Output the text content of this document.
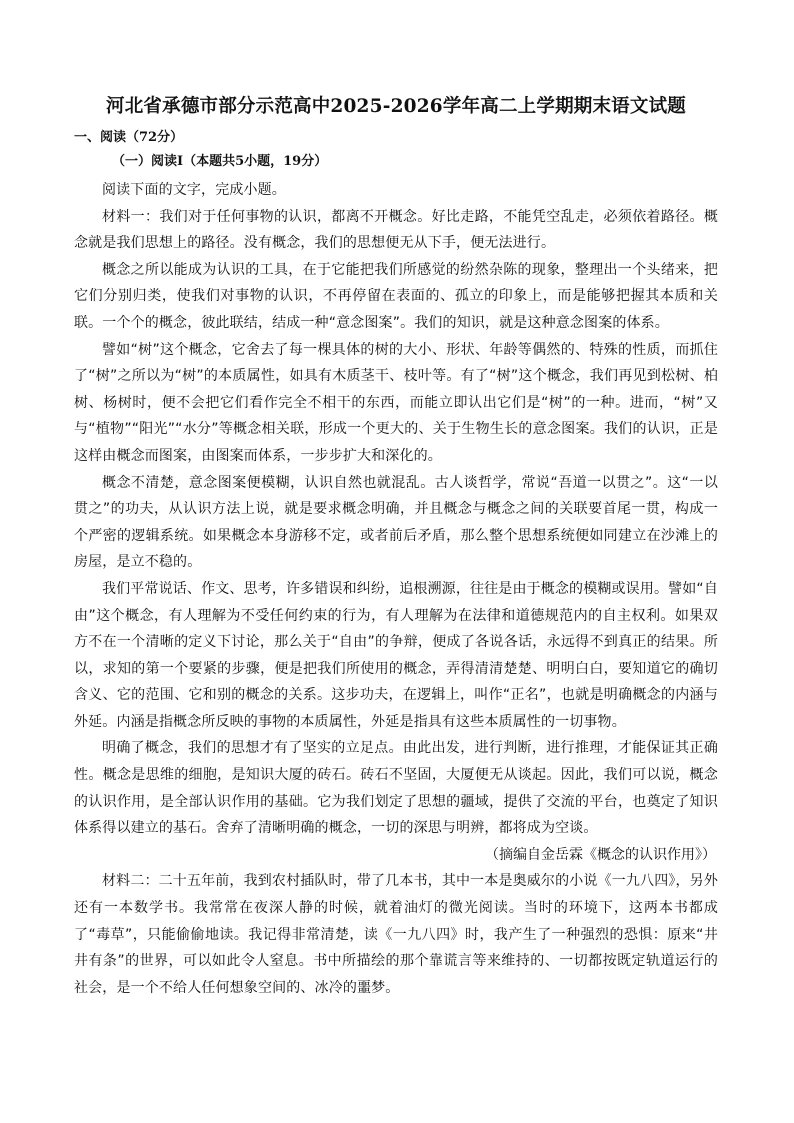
河北省承德市部分示范高中2025-2026学年高二上学期期末语文试题

一、阅读（72分）

（一）阅读Ⅰ（本题共5小题，19分）

阅读下面的文字，完成小题。

材料一：我们对于任何事物的认识，都离不开概念。好比走路，不能凭空乱走，必须依着路径。概念就是我们思想上的路径。没有概念，我们的思想便无从下手，便无法进行。

概念之所以能成为认识的工具，在于它能把我们所感觉的纷然杂陈的现象，整理出一个头绪来，把它们分别归类，使我们对事物的认识，不再停留在表面的、孤立的印象上，而是能够把握其本质和关联。一个个的概念，彼此联结，结成一种“意念图案”。我们的知识，就是这种意念图案的体系。

譬如“树”这个概念，它舍去了每一棵具体的树的大小、形状、年龄等偶然的、特殊的性质，而抓住了“树”之所以为“树”的本质属性，如具有木质茎干、枝叶等。有了“树”这个概念，我们再见到松树、柏树、杨树时，便不会把它们看作完全不相干的东西，而能立即认出它们是“树”的一种。进而，“树”又与“植物”“阳光”“水分”等概念相关联，形成一个更大的、关于生物生长的意念图案。我们的认识，正是这样由概念而图案，由图案而体系，一步步扩大和深化的。

概念不清楚，意念图案便模糊，认识自然也就混乱。古人谈哲学，常说“吾道一以贯之”。这“一以贯之”的功夫，从认识方法上说，就是要求概念明确，并且概念与概念之间的关联要首尾一贯，构成一个严密的逻辑系统。如果概念本身游移不定，或者前后矛盾，那么整个思想系统便如同建立在沙滩上的房屋，是立不稳的。

我们平常说话、作文、思考，许多错误和纠纷，追根溯源，往往是由于概念的模糊或误用。譬如“自由”这个概念，有人理解为不受任何约束的行为，有人理解为在法律和道德规范内的自主权利。如果双方不在一个清晰的定义下讨论，那么关于“自由”的争辩，便成了各说各话，永远得不到真正的结果。所以，求知的第一个要紧的步骤，便是把我们所使用的概念，弄得清清楚楚、明明白白，要知道它的确切含义、它的范围、它和别的概念的关系。这步功夫，在逻辑上，叫作“正名”，也就是明确概念的内涵与外延。内涵是指概念所反映的事物的本质属性，外延是指具有这些本质属性的一切事物。

明确了概念，我们的思想才有了坚实的立足点。由此出发，进行判断，进行推理，才能保证其正确性。概念是思维的细胞，是知识大厦的砖石。砖石不坚固，大厦便无从谈起。因此，我们可以说，概念的认识作用，是全部认识作用的基础。它为我们划定了思想的疆域，提供了交流的平台，也奠定了知识体系得以建立的基石。舍弃了清晰明确的概念，一切的深思与明辨，都将成为空谈。

（摘编自金岳霖《概念的认识作用》）

材料二：二十五年前，我到农村插队时，带了几本书，其中一本是奥威尔的小说《一九八四》，另外还有一本数学书。我常常在夜深人静的时候，就着油灯的微光阅读。当时的环境下，这两本书都成了“毒草”，只能偷偷地读。我记得非常清楚，读《一九八四》时，我产生了一种强烈的恐惧：原来“井井有条”的世界，可以如此令人窒息。书中所描绘的那个靠谎言等来维持的、一切都按既定轨道运行的社会，是一个不给人任何想象空间的、冰冷的噩梦。
